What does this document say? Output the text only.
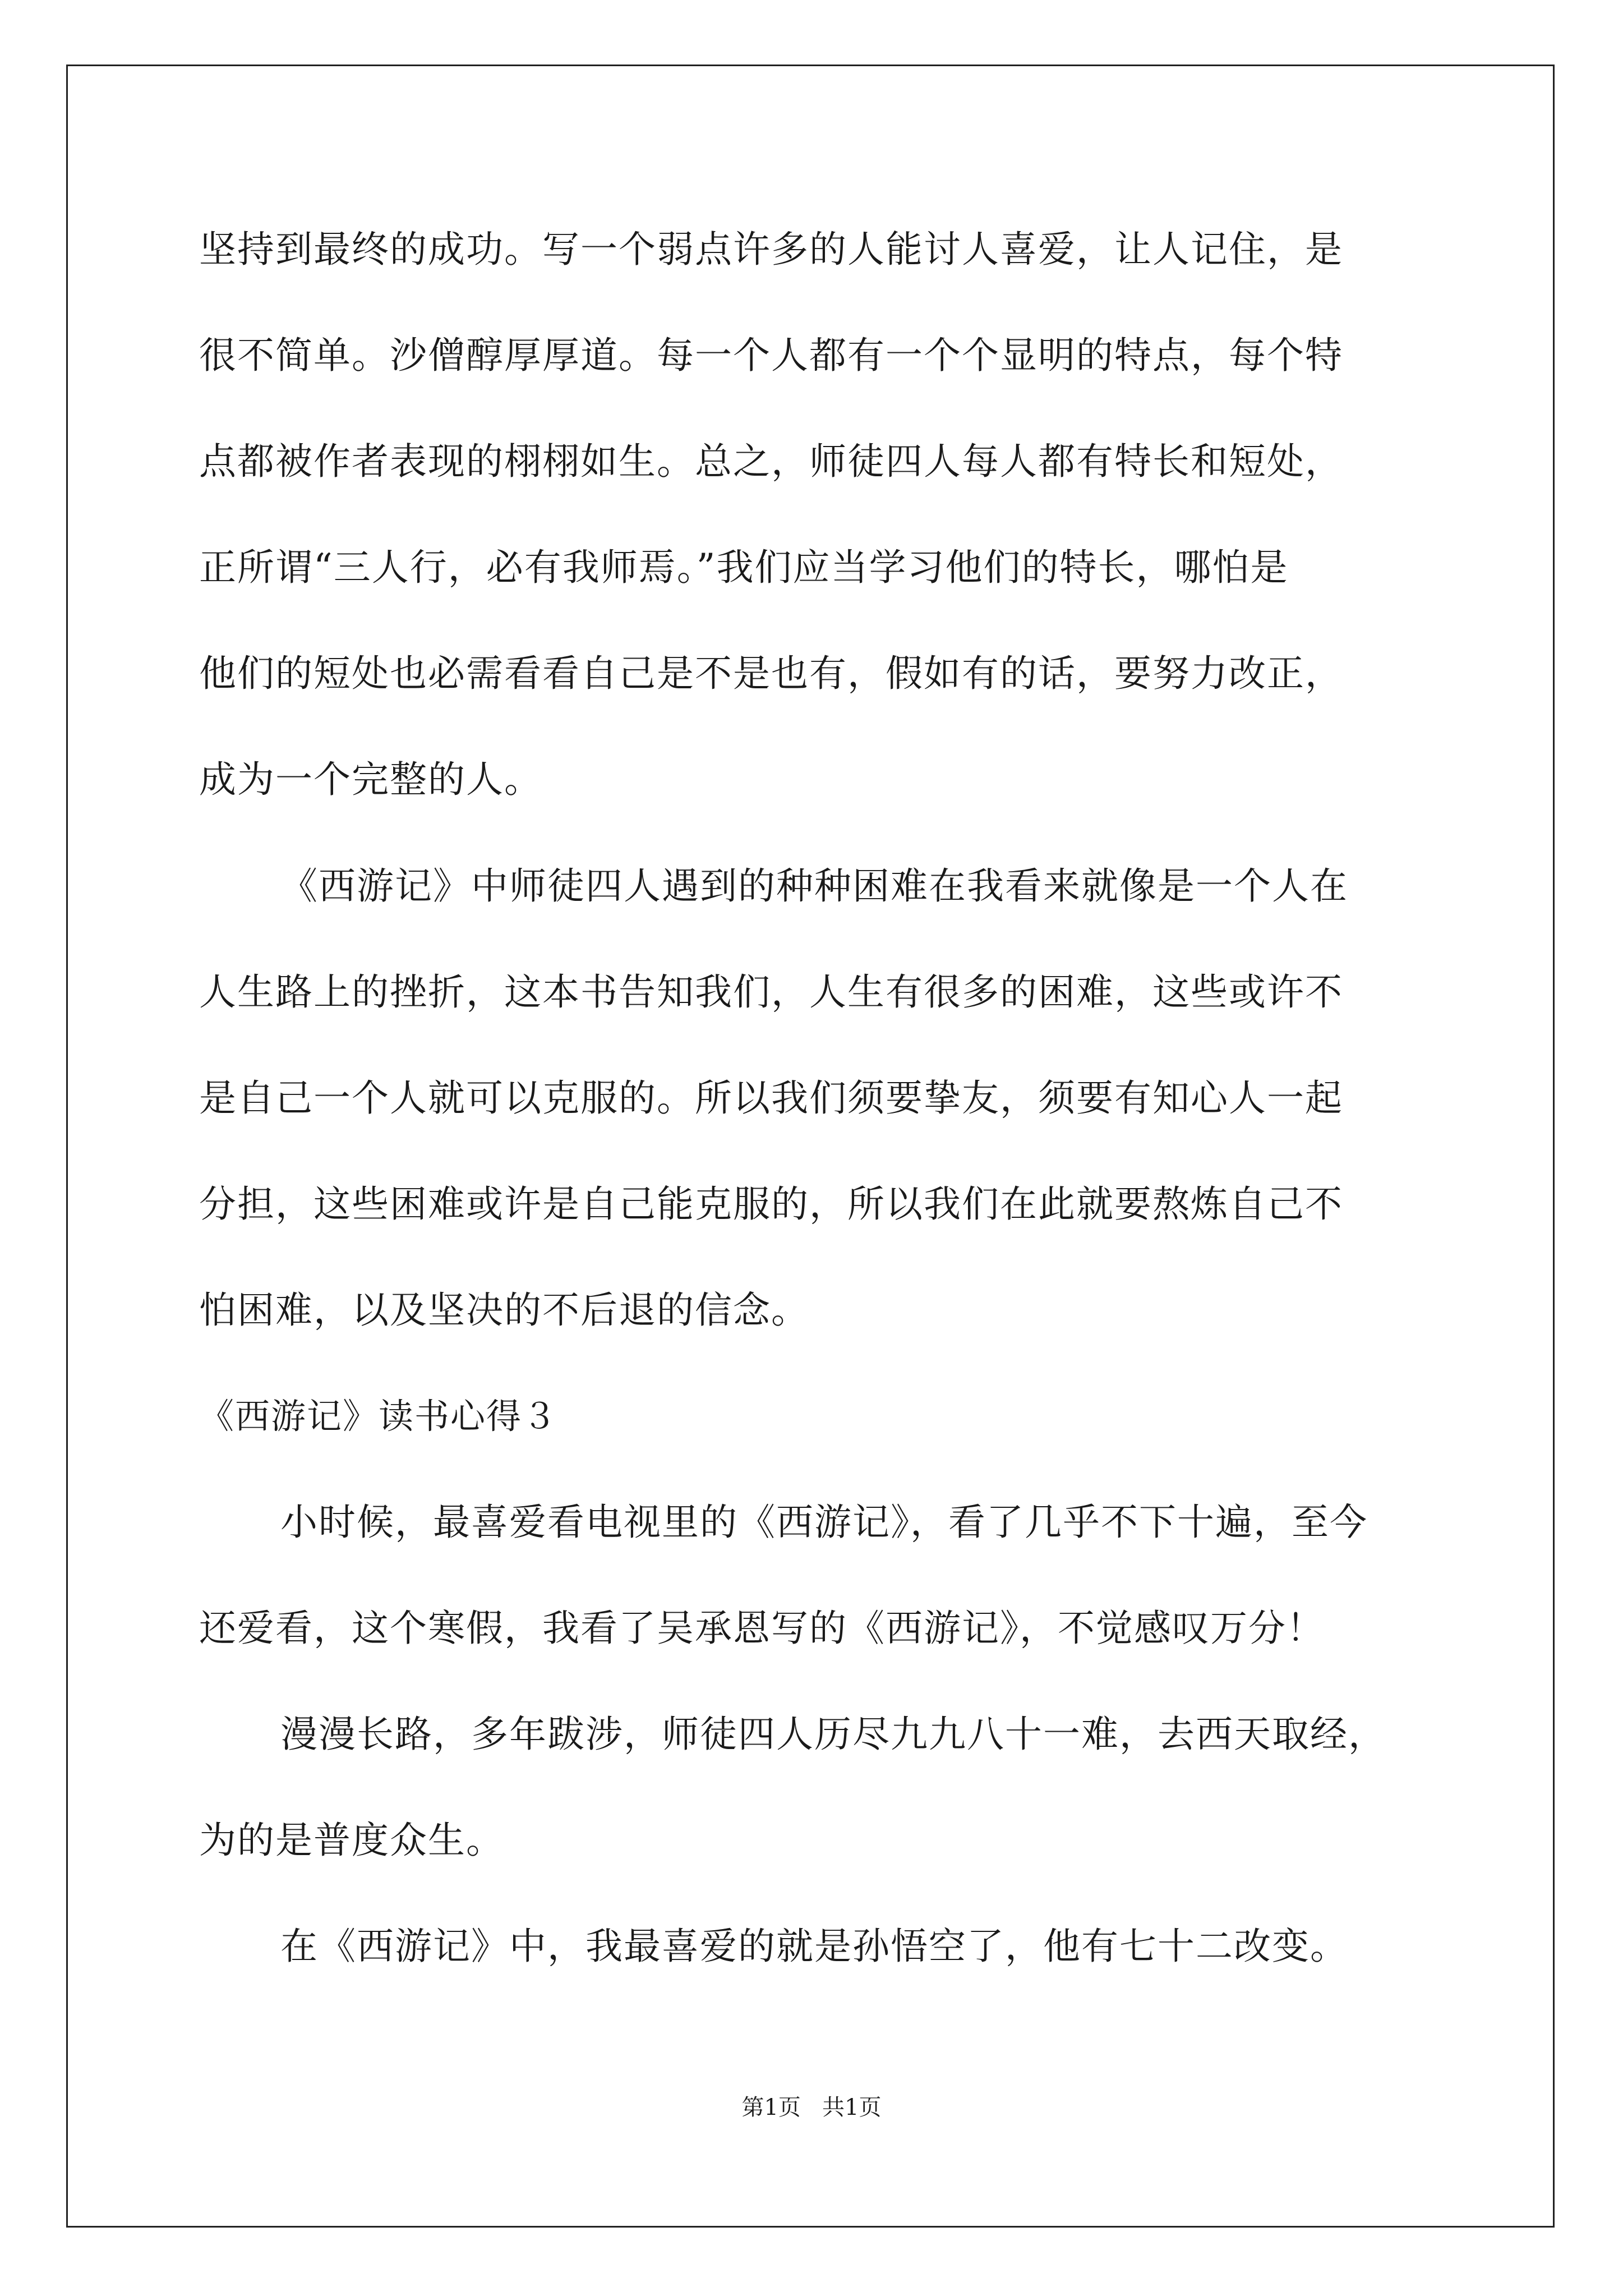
坚持到最终的成功。写一个弱点许多的人能讨人喜爱，让人记住，是
很不简单。沙僧醇厚厚道。每一个人都有一个个显明的特点，每个特
点都被作者表现的栩栩如生。总之，师徒四人每人都有特长和短处，
正所谓“三人行，必有我师焉。”我们应当学习他们的特长，哪怕是
他们的短处也必需看看自己是不是也有，假如有的话，要努力改正，
成为一个完整的人。
《西游记》中师徒四人遇到的种种困难在我看来就像是一个人在
人生路上的挫折，这本书告知我们，人生有很多的困难，这些或许不
是自己一个人就可以克服的。所以我们须要挚友，须要有知心人一起
分担，这些困难或许是自己能克服的，所以我们在此就要熬炼自己不
怕困难，以及坚决的不后退的信念。
《西游记》读书心得３
小时候，最喜爱看电视里的《西游记》，看了几乎不下十遍，至今
还爱看，这个寒假，我看了吴承恩写的《西游记》，不觉感叹万分！
漫漫长路，多年跋涉，师徒四人历尽九九八十一难，去西天取经，
为的是普度众生。
在《西游记》中，我最喜爱的就是孙悟空了，他有七十二改变。
第1页   共1页
